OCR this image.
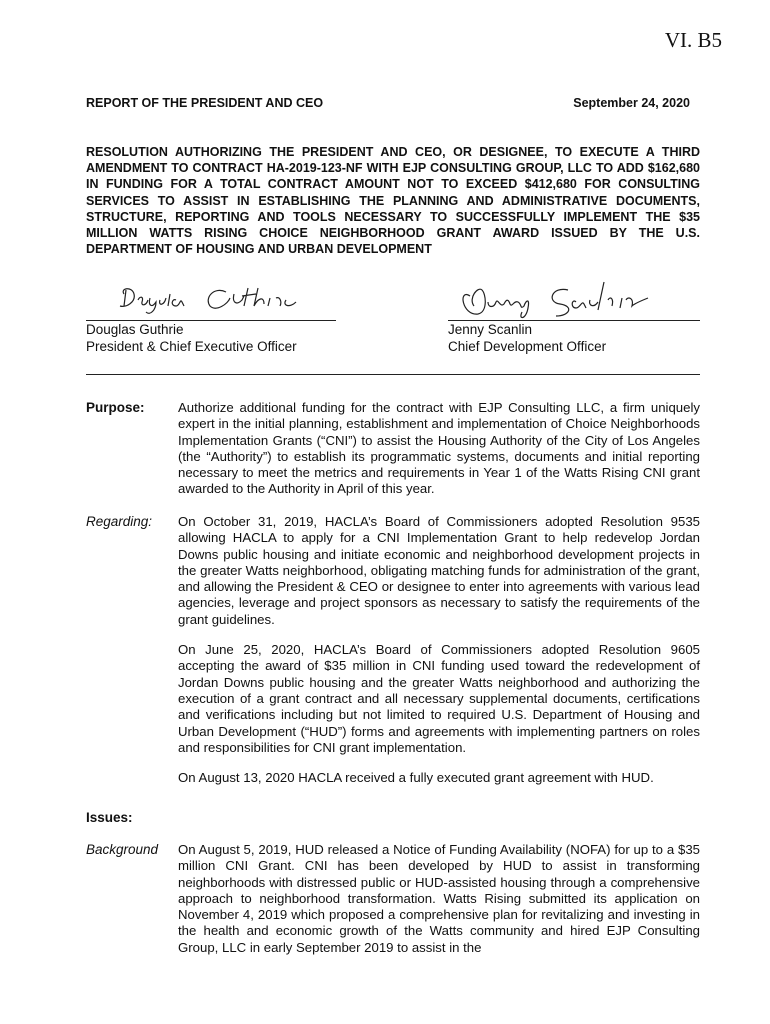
VI. B5
REPORT OF THE PRESIDENT AND CEO	September 24, 2020
RESOLUTION AUTHORIZING THE PRESIDENT AND CEO, OR DESIGNEE, TO EXECUTE A THIRD AMENDMENT TO CONTRACT HA-2019-123-NF WITH EJP CONSULTING GROUP, LLC TO ADD $162,680 IN FUNDING FOR A TOTAL CONTRACT AMOUNT NOT TO EXCEED $412,680 FOR CONSULTING SERVICES TO ASSIST IN ESTABLISHING THE PLANNING AND ADMINISTRATIVE DOCUMENTS, STRUCTURE, REPORTING AND TOOLS NECESSARY TO SUCCESSFULLY IMPLEMENT THE $35 MILLION WATTS RISING CHOICE NEIGHBORHOOD GRANT AWARD ISSUED BY THE U.S. DEPARTMENT OF HOUSING AND URBAN DEVELOPMENT
Douglas Guthrie
President & Chief Executive Officer
Jenny Scanlin
Chief Development Officer
Purpose:	Authorize additional funding for the contract with EJP Consulting LLC, a firm uniquely expert in the initial planning, establishment and implementation of Choice Neighborhoods Implementation Grants (“CNI”) to assist the Housing Authority of the City of Los Angeles (the “Authority”) to establish its programmatic systems, documents and initial reporting necessary to meet the metrics and requirements in Year 1 of the Watts Rising CNI grant awarded to the Authority in April of this year.
Regarding: On October 31, 2019, HACLA’s Board of Commissioners adopted Resolution 9535 allowing HACLA to apply for a CNI Implementation Grant to help redevelop Jordan Downs public housing and initiate economic and neighborhood development projects in the greater Watts neighborhood, obligating matching funds for administration of the grant, and allowing the President & CEO or designee to enter into agreements with various lead agencies, leverage and project sponsors as necessary to satisfy the requirements of the grant guidelines.

On June 25, 2020, HACLA’s Board of Commissioners adopted Resolution 9605 accepting the award of $35 million in CNI funding used toward the redevelopment of Jordan Downs public housing and the greater Watts neighborhood and authorizing the execution of a grant contract and all necessary supplemental documents, certifications and verifications including but not limited to required U.S. Department of Housing and Urban Development (“HUD”) forms and agreements with implementing partners on roles and responsibilities for CNI grant implementation.

On August 13, 2020 HACLA received a fully executed grant agreement with HUD.

Issues:
Background On August 5, 2019, HUD released a Notice of Funding Availability (NOFA) for up to a $35 million CNI Grant. CNI has been developed by HUD to assist in transforming neighborhoods with distressed public or HUD-assisted housing through a comprehensive approach to neighborhood transformation. Watts Rising submitted its application on November 4, 2019 which proposed a comprehensive plan for revitalizing and investing in the health and economic growth of the Watts community and hired EJP Consulting Group, LLC in early September 2019 to assist in the
